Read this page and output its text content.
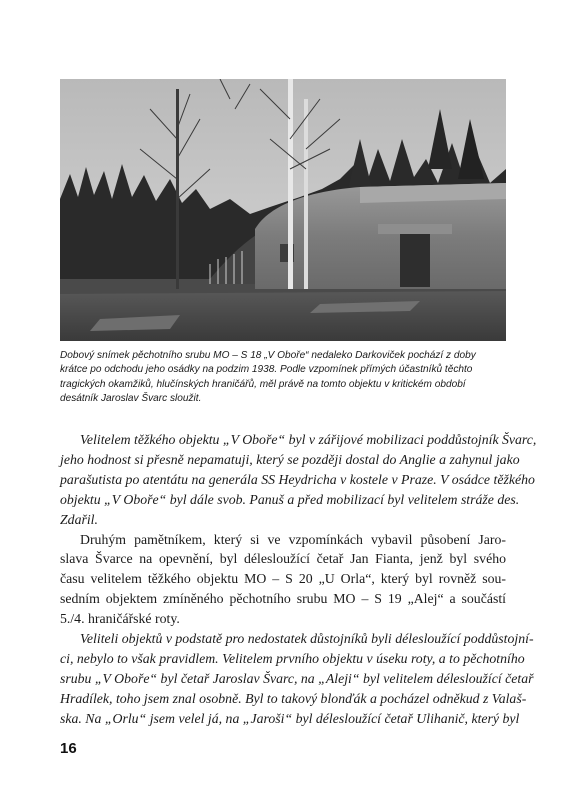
Dobový snímek pěchotního srubu MO – S 18 „V Oboře“ nedaleko Darkoviček pochází z doby

krátce po odchodu jeho osádky na podzim 1938. Podle vzpomínek přímých účastníků těchto

tragických okamžiků, hlučínských hraničářů, měl právě na tomto objektu v kritickém období

desátník Jaroslav Švarc sloužit.

Velitelem těžkého objektu „V Oboře“ byl v zářijové mobilizaci poddůstojník Švarc,
jeho hodnost si přesně nepamatuji, který se později dostal do Anglie a zahynul jako
parašutista po atentátu na generála SS Heydricha v kostele v Praze. V osádce těžkého
objektu „V Oboře“ byl dále svob. Panuš a před mobilizací byl velitelem stráže des.
Zdařil.

Druhým pamětníkem, který si ve vzpomínkách vybavil působení Jaro-
slava Švarce na opevnění, byl délesloužící četař Jan Fianta, jenž byl svého
času velitelem těžkého objektu MO – S 20 „U Orla“, který byl rovněž sou-
sedním objektem zmíněného pěchotního srubu MO – S 19 „Alej“ a součástí
5./4. hraničářské roty.

Veliteli objektů v podstatě pro nedostatek důstojníků byli délesloužící poddůstojní-
ci, nebylo to však pravidlem. Velitelem prvního objektu v úseku roty, a to pěchotního
srubu „V Oboře“ byl četař Jaroslav Švarc, na „Aleji“ byl velitelem délesloužící četař
Hradílek, toho jsem znal osobně. Byl to takový blonďák a pocházel odněkud z Valaš-
ska. Na „Orlu“ jsem velel já, na „Jaroši“ byl délesloužící četař Ulihanič, který byl

16
